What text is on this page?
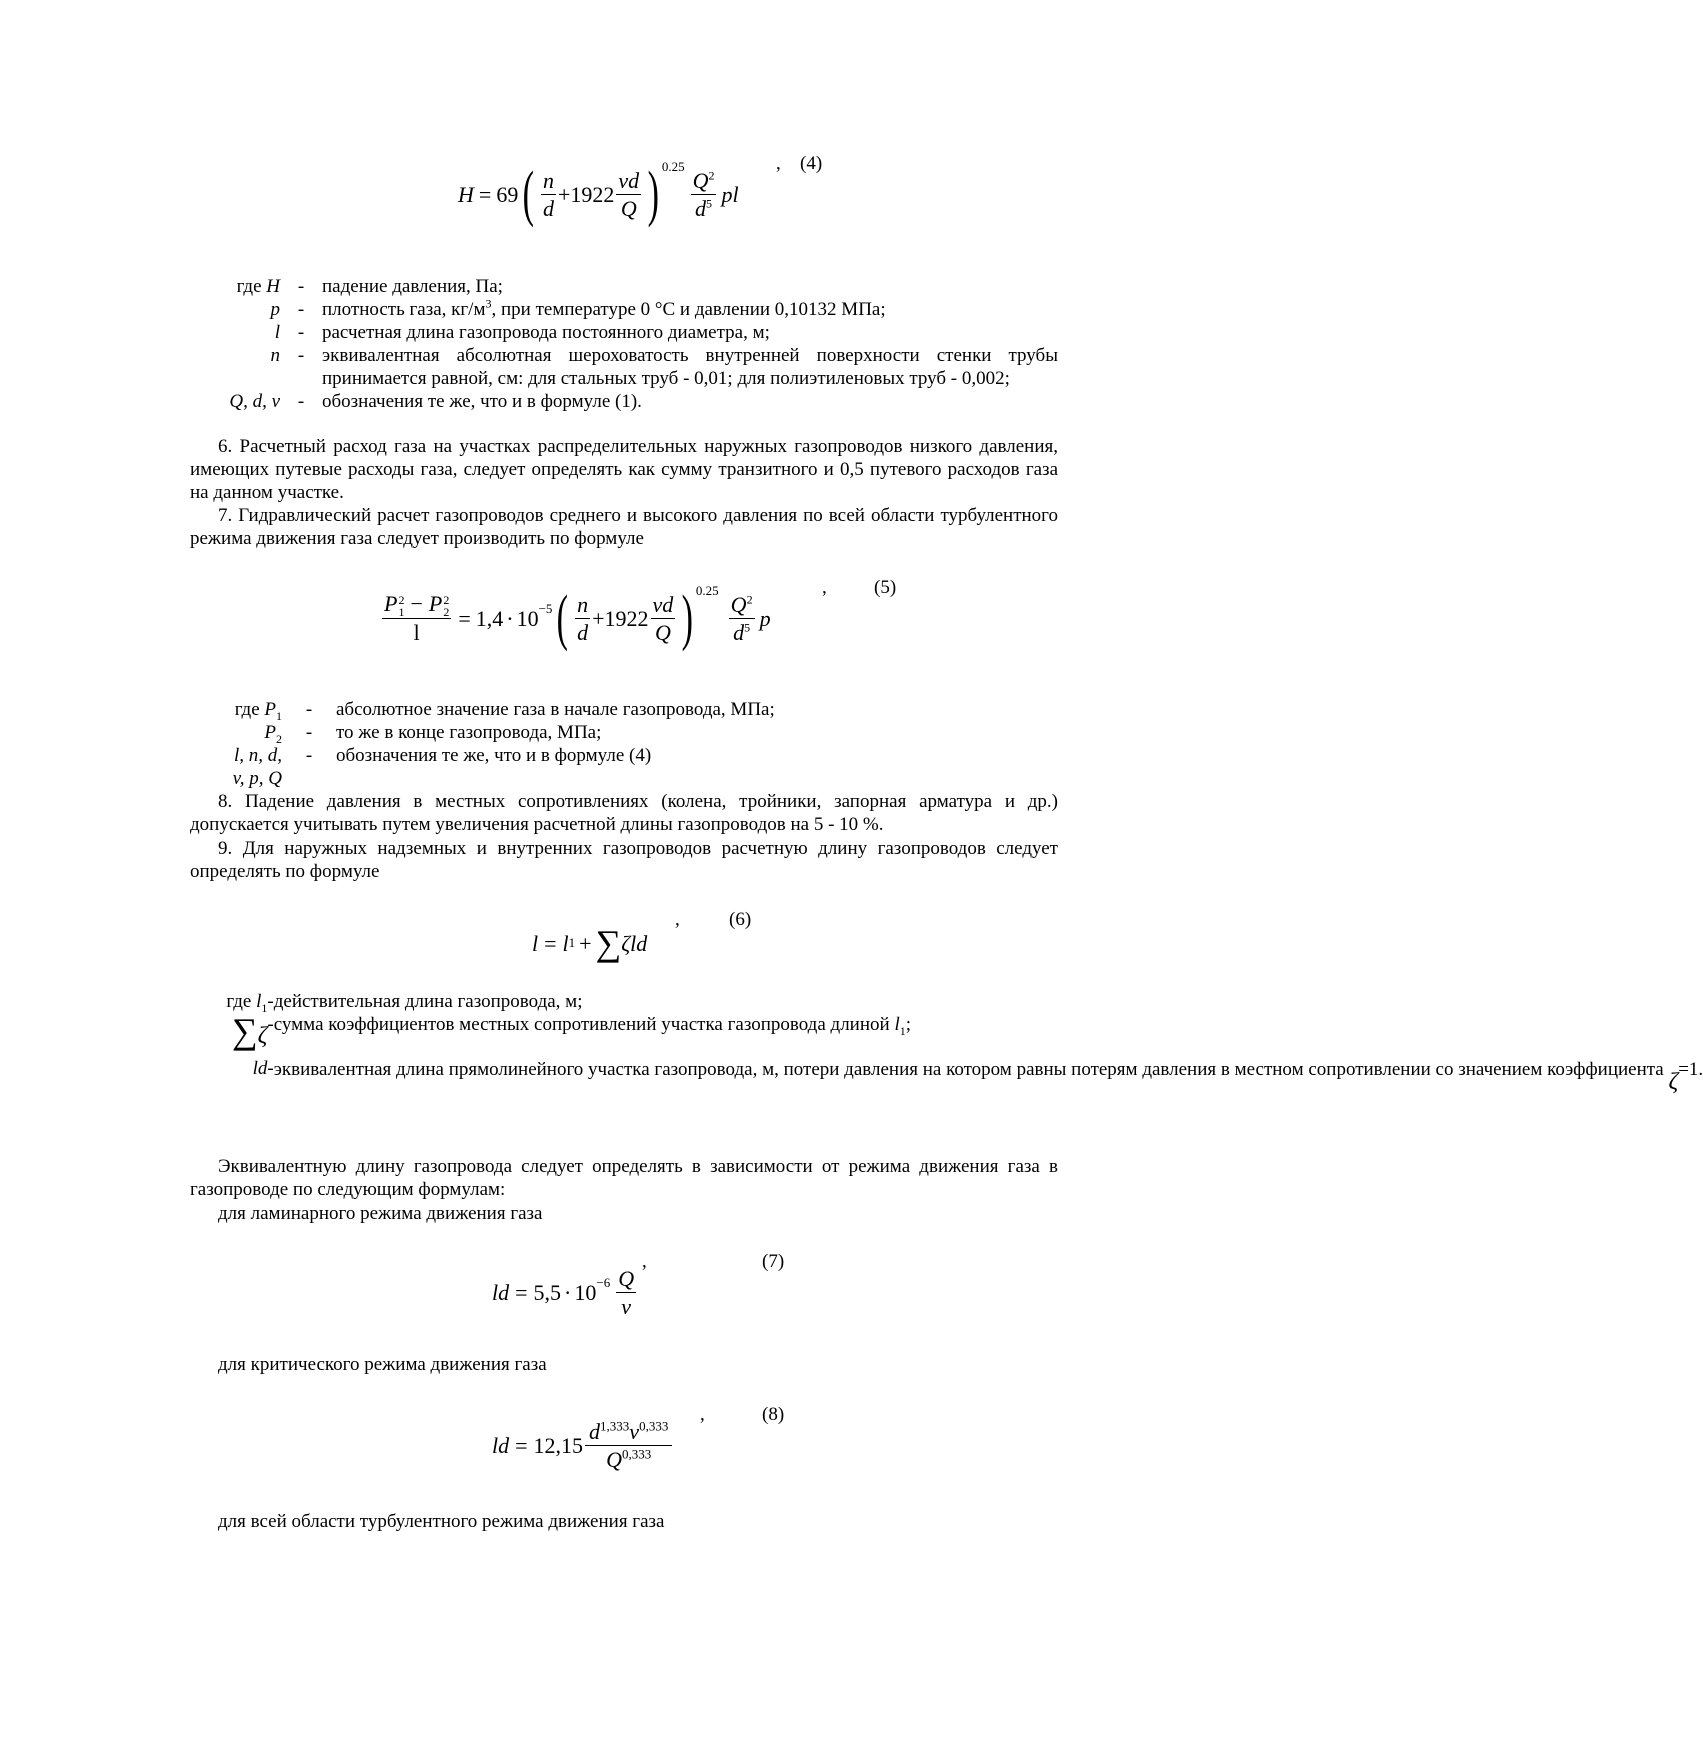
, (4)
H = 69 ( $\frac{n}{d} + 1922 \frac{vd}{Q}$ ) 0.25
$\frac{Q^2}{d^5}$ pl
где H	-	падение давления, Па;
p	-	плотность газа, $кг/м^3$, при температуре 0 °С и давлении 0,10132 МПа;
l	-	расчетная длина газопровода постоянного диаметра, м;
n	-	эквивалентная абсолютная шероховатость внутренней поверхности стенки трубы принимается равной, см: для стальных труб - 0,01; для полиэтиленовых труб - 0,002;
Q, d, v	-	обозначения те же, что и в формуле (1).
6. Расчетный расход газа на участках распределительных наружных газопроводов низкого давления, имеющих путевые расходы газа, следует определять как сумму транзитного и 0,5 путевого расходов газа на данном участке.
7. Гидравлический расчет газопроводов среднего и высокого давления по всей области турбулентного режима движения газа следует производить по формуле
, (5)
P 2
1 − P 2
2
l = 1,4 · 10 −5 ( $\frac{n}{d} + 1922 \frac{vd}{Q}$ ) 0.25
$\frac{Q^2}{d^5}$ p
где $P_1$	-	абсолютное значение газа в начале газопровода, МПа;
$P_2$	-	то же в конце газопровода, МПа;
l, n, d,	-	обозначения те же, что и в формуле (4)
v, p, Q		
8. Падение давления в местных сопротивлениях (колена, тройники, запорная арматура и др.) допускается учитывать путем увеличения расчетной длины газопроводов на 5 - 10 %.
9. Для наружных надземных и внутренних газопроводов расчетную длину газопроводов следует определять по формуле
,	(6)
l = l 1 + ∑ ζ ld
где $l_1$	-	действительная длина газопровода, м;
∑ζ	-	сумма коэффициентов местных сопротивлений участка газопровода длиной $l_1$;
ld	-	эквивалентная длина прямолинейного участка газопровода, м, потери давления на котором равны потерям давления в местном сопротивлении со значением коэффициента ζ=1.
Эквивалентную длину газопровода следует определять в зависимости от режима движения газа в газопроводе по следующим формулам:
для ламинарного режима движения газа
,	(7)
ld = $5,5 \cdot 10 -6 \frac{Q}{v}$
для критического режима движения газа
,	(8)
ld = $12,15 \frac{d^{1,333}v^{0,333}}{Q^{0,333}}$
для всей области турбулентного режима движения газа
